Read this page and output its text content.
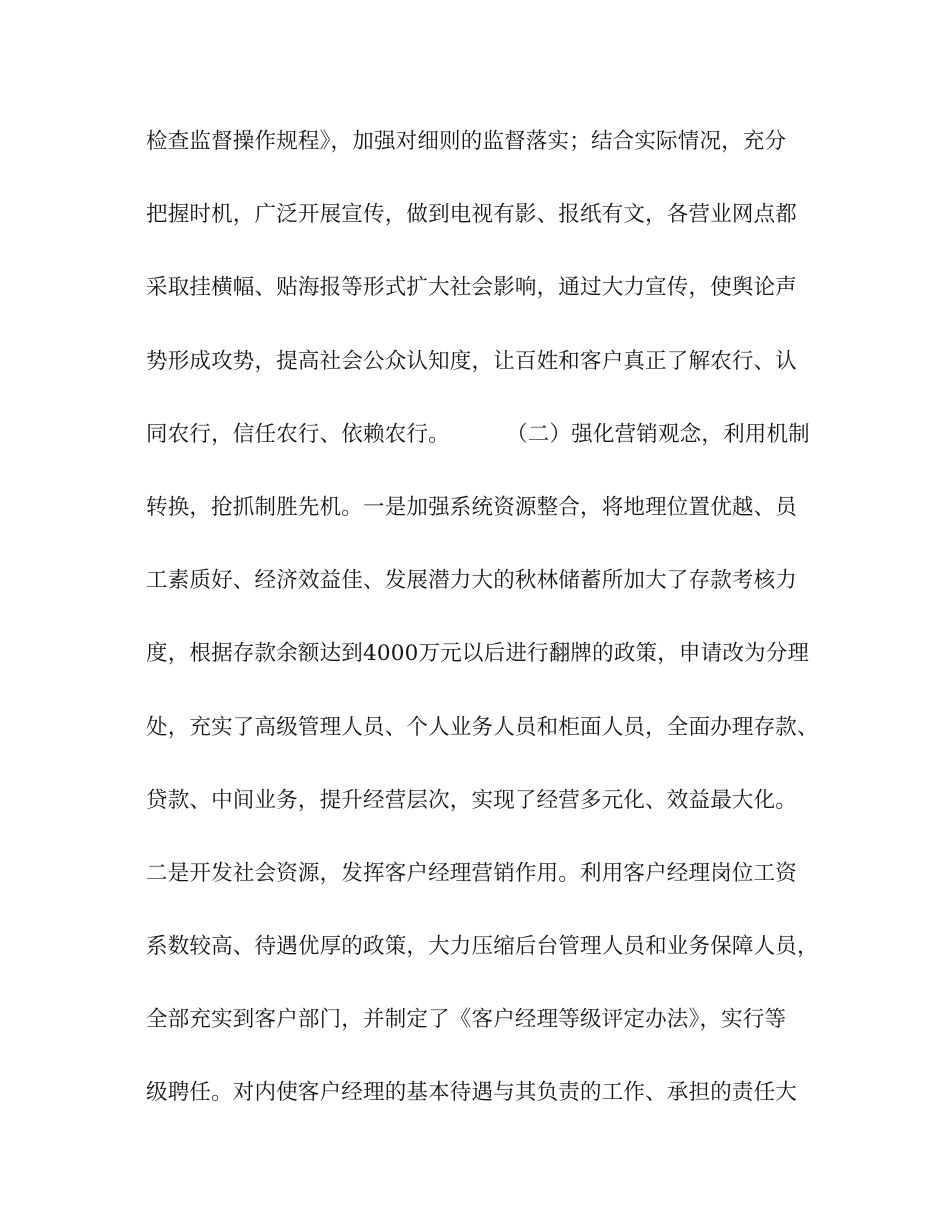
检查监督操作规程》，加强对细则的监督落实；结合实际情况，充分
把握时机，广泛开展宣传，做到电视有影、报纸有文，各营业网点都
采取挂横幅、贴海报等形式扩大社会影响，通过大力宣传，使舆论声
势形成攻势，提高社会公众认知度，让百姓和客户真正了解农行、认
同农行，信任农行、依赖农行。        （二）强化营销观念，利用机制
转换，抢抓制胜先机。一是加强系统资源整合，将地理位置优越、员
工素质好、经济效益佳、发展潜力大的秋林储蓄所加大了存款考核力
度，根据存款余额达到4000万元以后进行翻牌的政策，申请改为分理
处，充实了高级管理人员、个人业务人员和柜面人员，全面办理存款、
贷款、中间业务，提升经营层次，实现了经营多元化、效益最大化。
二是开发社会资源，发挥客户经理营销作用。利用客户经理岗位工资
系数较高、待遇优厚的政策，大力压缩后台管理人员和业务保障人员，
全部充实到客户部门，并制定了《客户经理等级评定办法》，实行等
级聘任。对内使客户经理的基本待遇与其负责的工作、承担的责任大
